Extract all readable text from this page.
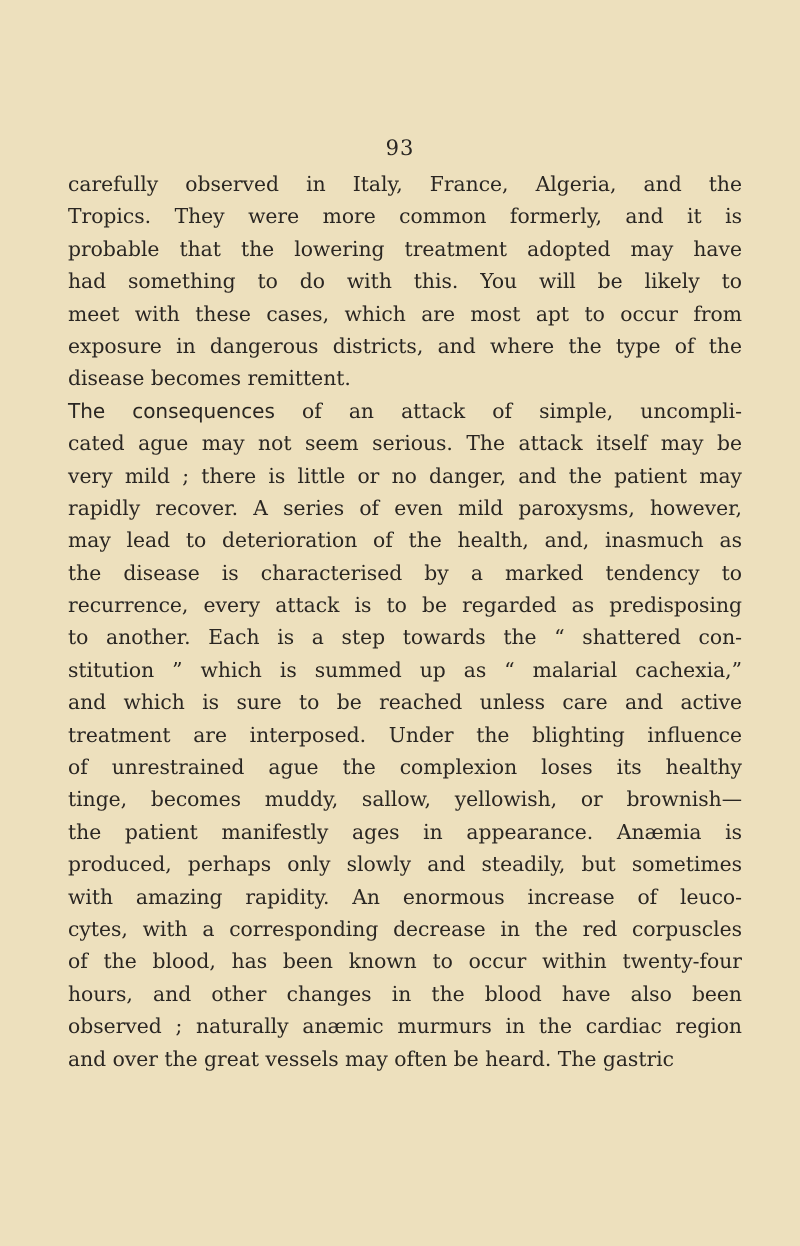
93
carefully observed in Italy, France, Algeria, and the
Tropics. They were more common formerly, and it is
probable that the lowering treatment adopted may have
had something to do with this. You will be likely to
meet with these cases, which are most apt to occur from
exposure in dangerous districts, and where the type of the
disease becomes remittent.
The consequences of an attack of simple, uncompli-
cated ague may not seem serious. The attack itself may be
very mild ; there is little or no danger, and the patient may
rapidly recover. A series of even mild paroxysms, however,
may lead to deterioration of the health, and, inasmuch as
the disease is characterised by a marked tendency to
recurrence, every attack is to be regarded as predisposing
to another. Each is a step towards the “ shattered con-
stitution ” which is summed up as “ malarial cachexia,”
and which is sure to be reached unless care and active
treatment are interposed. Under the blighting influence
of unrestrained ague the complexion loses its healthy
tinge, becomes muddy, sallow, yellowish, or brownish—
the patient manifestly ages in appearance. Anæmia is
produced, perhaps only slowly and steadily, but sometimes
with amazing rapidity. An enormous increase of leuco-
cytes, with a corresponding decrease in the red corpuscles
of the blood, has been known to occur within twenty-four
hours, and other changes in the blood have also been
observed ; naturally anæmic murmurs in the cardiac region
and over the great vessels may often be heard. The gastric
